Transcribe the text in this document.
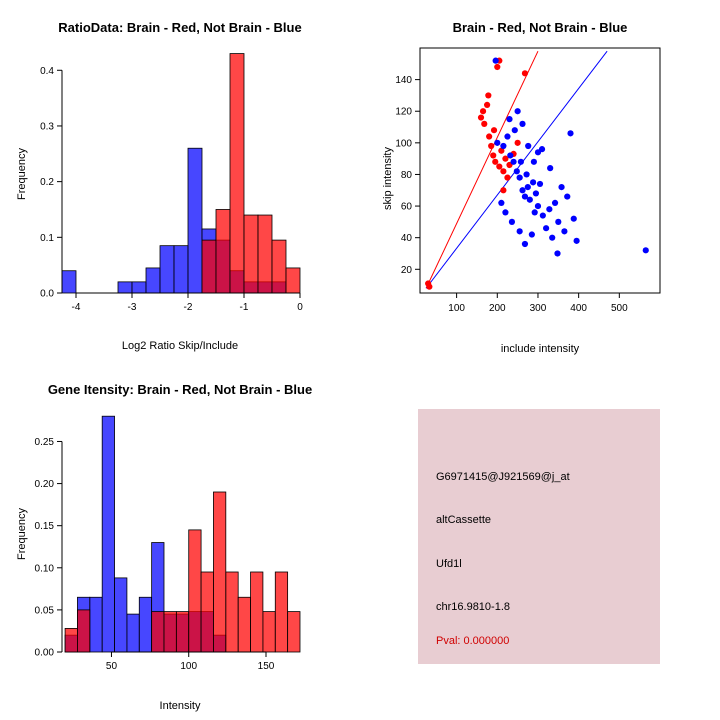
RatioData: Brain - Red, Not Brain - Blue
Log2 Ratio Skip/Include
Frequency
0.0
0.1
0.2
0.3
0.4
-4	-3	-2	-1	0
Brain - Red, Not Brain - Blue
include intensity
skip intensity
100 200 300 400 500
20
40
60
80
100
120
140
Gene Itensity: Brain - Red, Not Brain - Blue
Intensity
Frequency
0.00
0.05
0.10
0.15
0.20
0.25
50	100	150
G6971415@J921569@j_at
altCassette
Ufd1l
chr16.9810-1.8
Pval: 0.000000
